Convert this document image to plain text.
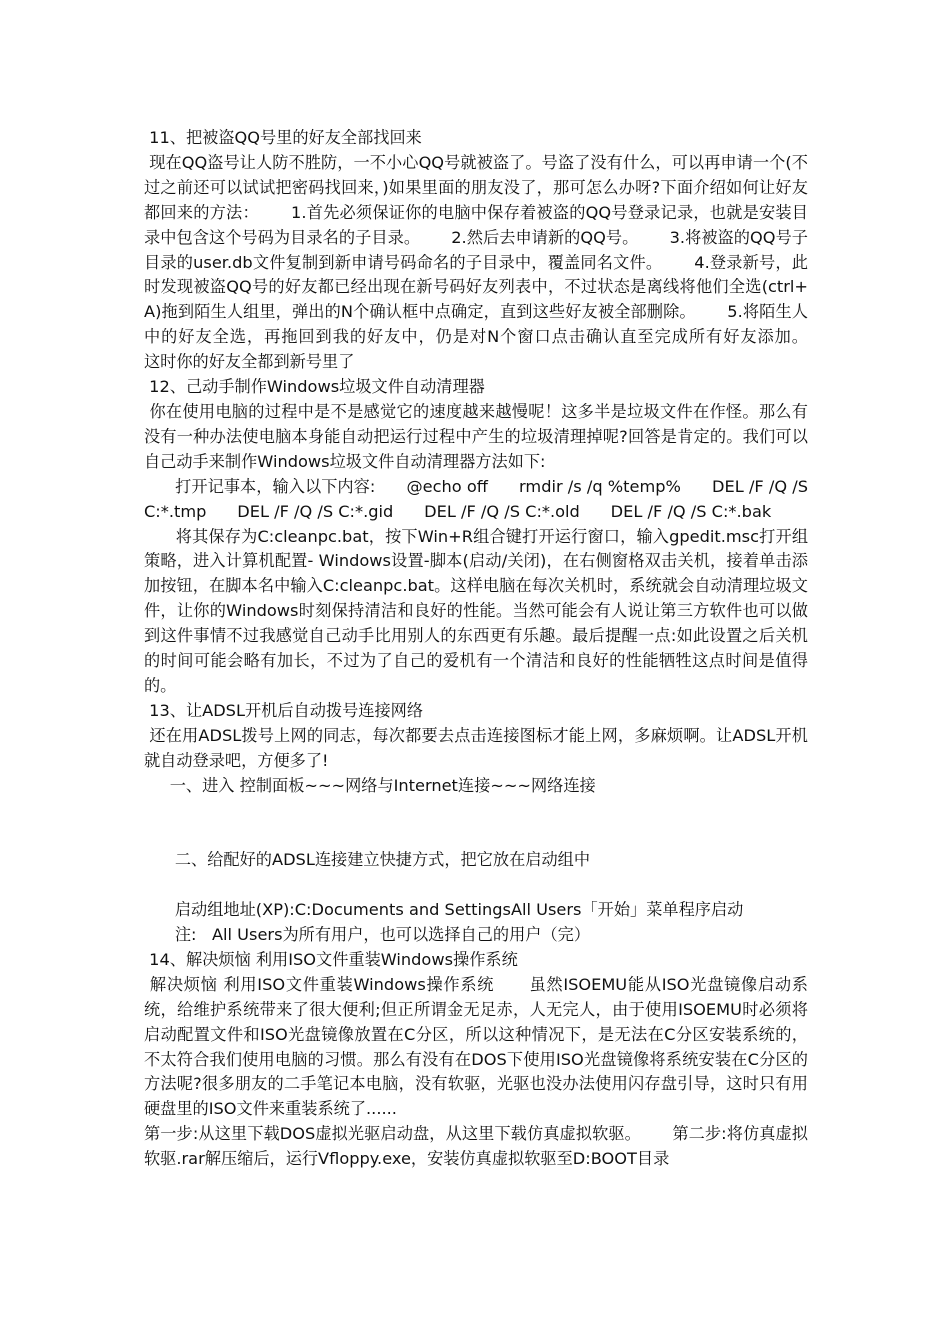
11、把被盗QQ号里的好友全部找回来

现在QQ盗号让人防不胜防，一不小心QQ号就被盗了。号盗了没有什么，可以再申请一个(不过之前还可以试试把密码找回来，)如果里面的朋友没了，那可怎么办呀?下面介绍如何让好友都回来的方法：      1.首先必须保证你的电脑中保存着被盗的QQ号登录记录，也就是安装目录中包含这个号码为目录名的子目录。      2.然后去申请新的QQ号。      3.将被盗的QQ号子目录的user.db文件复制到新申请号码命名的子目录中，覆盖同名文件。      4.登录新号，此时发现被盗QQ号的好友都已经出现在新号码好友列表中，不过状态是离线将他们全选(ctrl+A)拖到陌生人组里，弹出的N个确认框中点确定，直到这些好友被全部删除。      5.将陌生人中的好友全选，再拖回到我的好友中，仍是对N个窗口点击确认直至完成所有好友添加。      这时你的好友全都到新号里了

12、己动手制作Windows垃圾文件自动清理器

你在使用电脑的过程中是不是感觉它的速度越来越慢呢！这多半是垃圾文件在作怪。那么有没有一种办法使电脑本身能自动把运行过程中产生的垃圾清理掉呢?回答是肯定的。我们可以自己动手来制作Windows垃圾文件自动清理器方法如下:

打开记事本，输入以下内容:      @echo off      rmdir /s /q %temp%      DEL /F /Q /S C:*.tmp      DEL /F /Q /S C:*.gid      DEL /F /Q /S C:*.old      DEL /F /Q /S C:*.bak

将其保存为C:cleanpc.bat，按下Win+R组合键打开运行窗口，输入gpedit.msc打开组策略，进入计算机配置- Windows设置-脚本(启动/关闭)，在右侧窗格双击关机，接着单击添加按钮，在脚本名中输入C:cleanpc.bat。这样电脑在每次关机时，系统就会自动清理垃圾文件，让你的Windows时刻保持清洁和良好的性能。当然可能会有人说让第三方软件也可以做到这件事情不过我感觉自己动手比用别人的东西更有乐趣。最后提醒一点:如此设置之后关机的时间可能会略有加长，不过为了自己的爱机有一个清洁和良好的性能牺牲这点时间是值得的。

13、让ADSL开机后自动拨号连接网络

还在用ADSL拨号上网的同志，每次都要去点击连接图标才能上网，多麻烦啊。让ADSL开机就自动登录吧，方便多了!

一、进入 控制面板~~~网络与Internet连接~~~网络连接

二、给配好的ADSL连接建立快捷方式，把它放在启动组中

启动组地址(XP):C:Documents and SettingsAll Users「开始」菜单程序启动

注:   All Users为所有用户，也可以选择自己的用户（完）

14、解决烦恼 利用ISO文件重装Windows操作系统

解决烦恼 利用ISO文件重装Windows操作系统      虽然ISOEMU能从ISO光盘镜像启动系统，给维护系统带来了很大便利;但正所谓金无足赤，人无完人，由于使用ISOEMU时必须将启动配置文件和ISO光盘镜像放置在C分区，所以这种情况下，是无法在C分区安装系统的，不太符合我们使用电脑的习惯。那么有没有在DOS下使用ISO光盘镜像将系统安装在C分区的方法呢?很多朋友的二手笔记本电脑，没有软驱，光驱也没办法使用闪存盘引导，这时只有用硬盘里的ISO文件来重装系统了......

第一步:从这里下载DOS虚拟光驱启动盘，从这里下载仿真虚拟软驱。      第二步:将仿真虚拟软驱.rar解压缩后，运行Vfloppy.exe，安装仿真虚拟软驱至D:BOOT目录
